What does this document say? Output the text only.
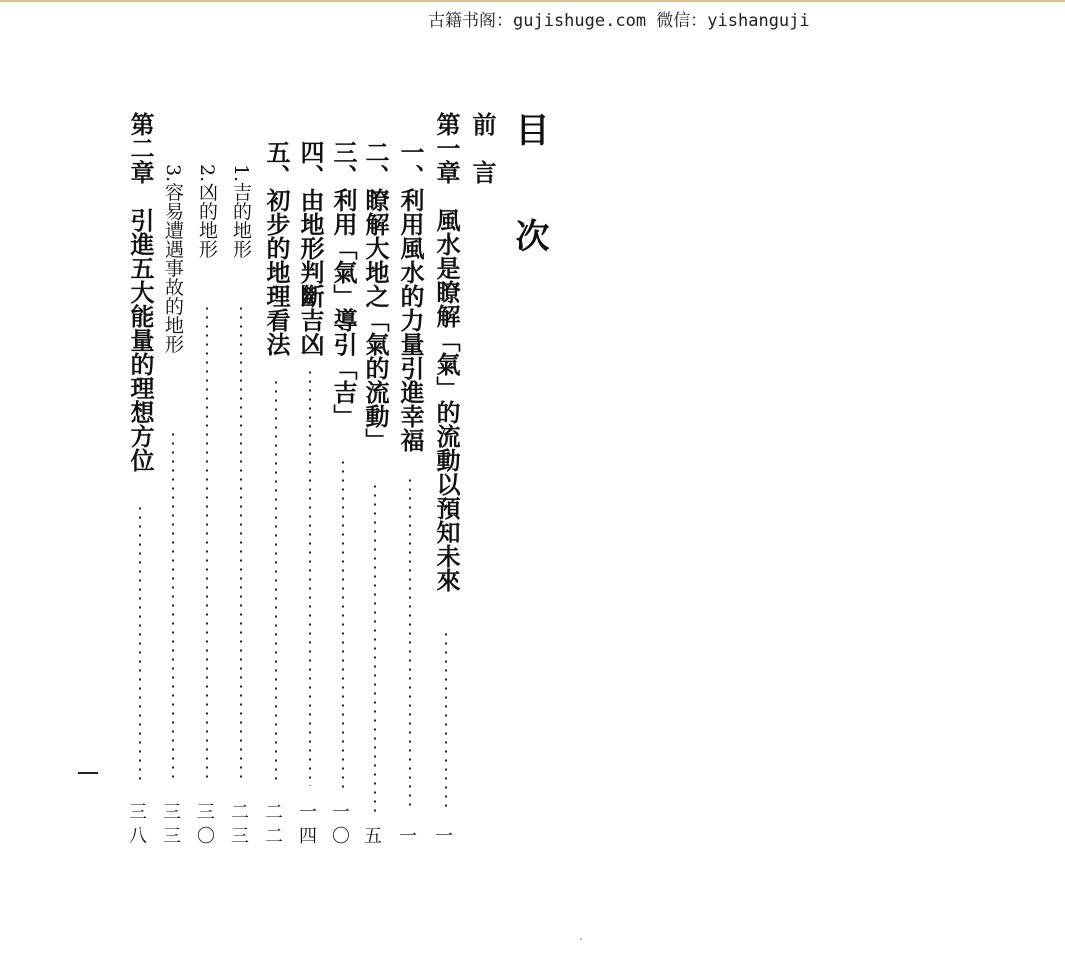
古籍书阁：gujishuge.com 微信：yishanguji
目
次
前　言
第一章　風水是瞭解「氣」的流動以預知未來
一
一、利用風水的力量引進幸福
一
二、瞭解大地之「氣的流動」
五
三、利用「氣」導引「吉」
一〇
四、由地形判斷吉凶
一四
五、初步的地理看法
二二
1.吉的地形
二三
2.凶的地形
三〇
3.容易遭遇事故的地形
三三
第二章　引進五大能量的理想方位
三八
